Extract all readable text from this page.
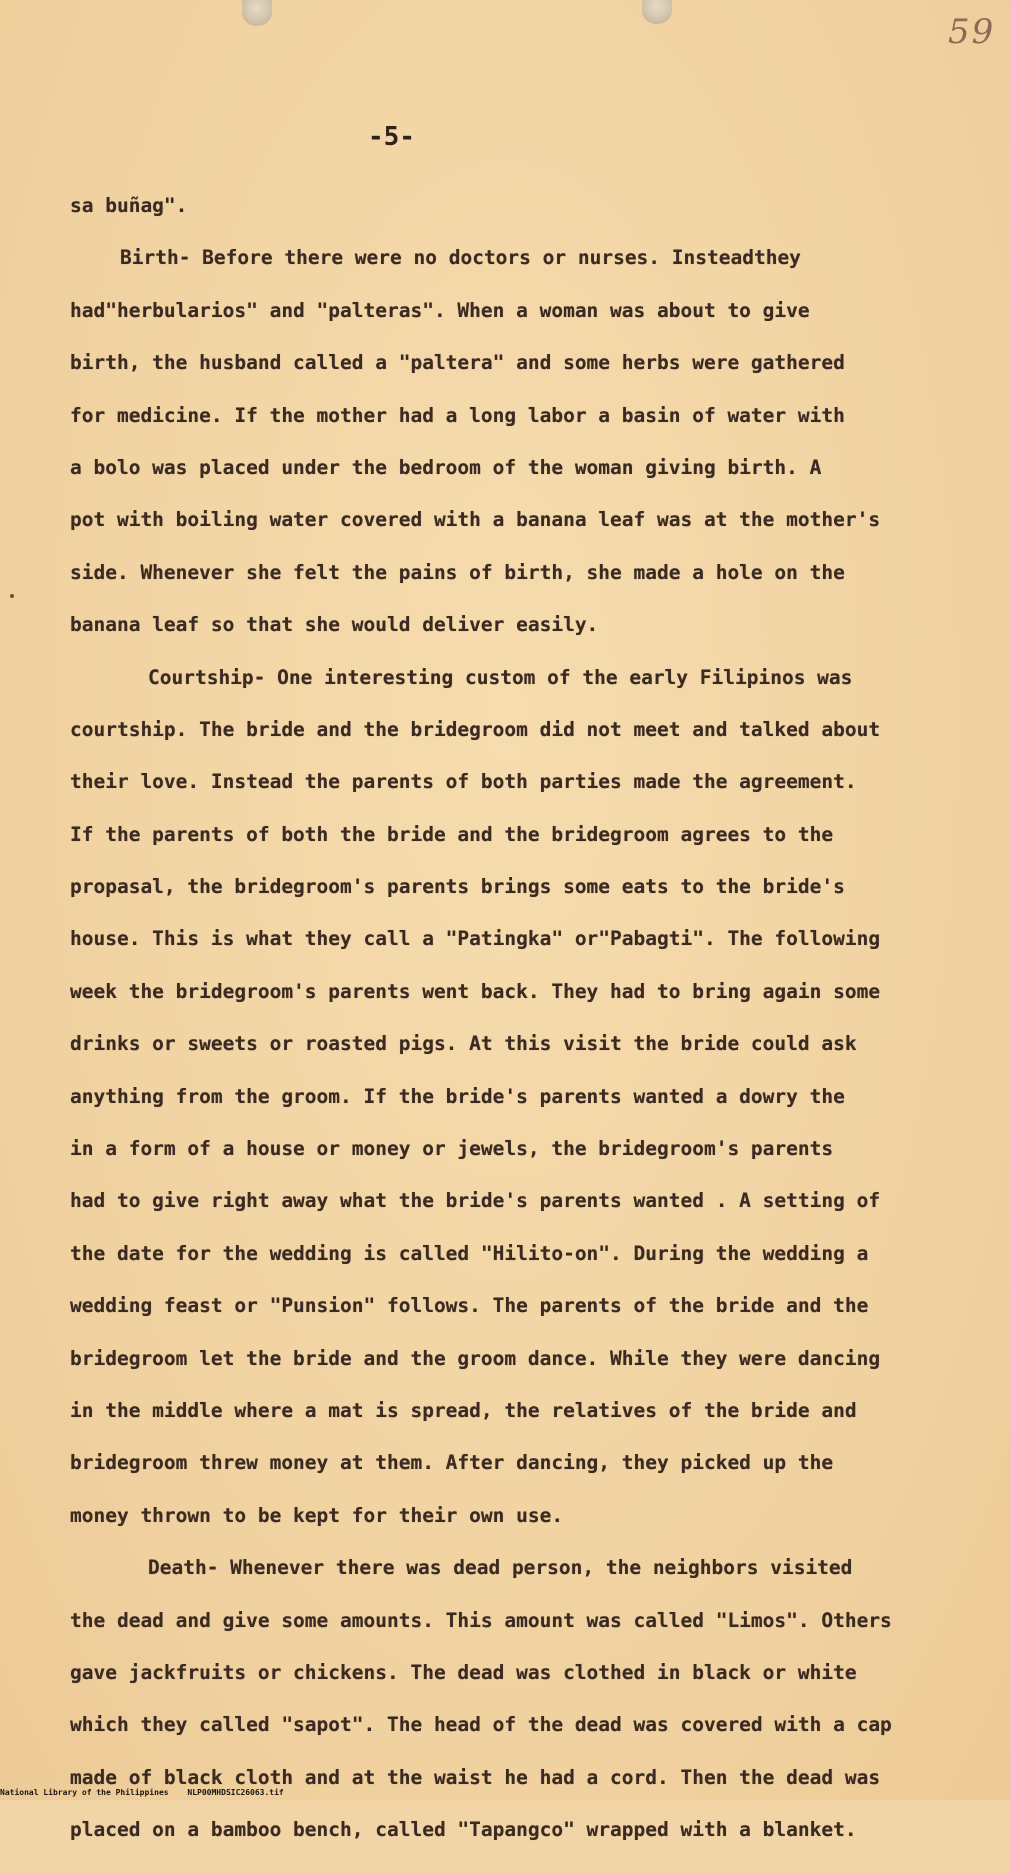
59
-5-
sa buñag".
Birth- Before there were no doctors or nurses. Insteadthey
had"herbularios" and "palteras". When a woman was about to give
birth, the husband called a "paltera" and some herbs were gathered
for medicine. If the mother had a long labor a basin of water with
a bolo was placed under the bedroom of the woman giving birth. A
pot with boiling water covered with a banana leaf was at the mother's
side. Whenever she felt the pains of birth, she made a hole on the
banana leaf so that she would deliver easily.
Courtship- One interesting custom of the early Filipinos was
courtship. The bride and the bridegroom did not meet and talked about
their love. Instead the parents of both parties made the agreement.
If the parents of both the bride and the bridegroom agrees to the
propasal, the bridegroom's parents brings some eats to the bride's
house. This is what they call a "Patingka" or"Pabagti". The following
week the bridegroom's parents went back. They had to bring again some
drinks or sweets or roasted pigs. At this visit the bride could ask
anything from the groom. If the bride's parents wanted a dowry the
in a form of a house or money or jewels, the bridegroom's parents
had to give right away what the bride's parents wanted . A setting of
the date for the wedding is called "Hilito-on". During the wedding a
wedding feast or "Punsion" follows. The parents of the bride and the
bridegroom let the bride and the groom dance. While they were dancing
in the middle where a mat is spread, the relatives of the bride and
bridegroom threw money at them. After dancing, they picked up the
money thrown to be kept for their own use.
Death- Whenever there was dead person, the neighbors visited
the dead and give some amounts. This amount was called "Limos". Others
gave jackfruits or chickens. The dead was clothed in black or white
which they called "sapot". The head of the dead was covered with a cap
made of black cloth and at the waist he had a cord. Then the dead was
placed on a bamboo bench, called "Tapangco" wrapped with a blanket.
National Library of the Philippines NLP00MHDSIC26063.tif
